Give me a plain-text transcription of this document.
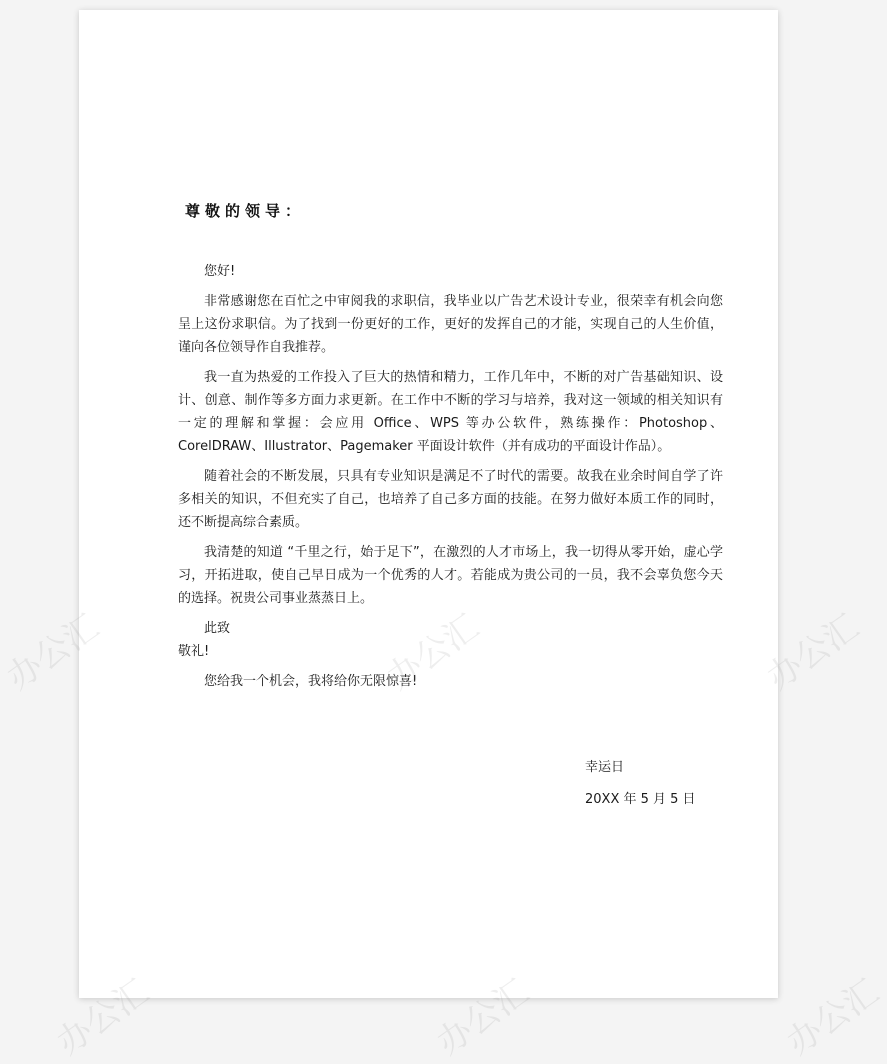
尊敬的领导：

您好!

非常感谢您在百忙之中审阅我的求职信，我毕业以广告艺术设计专业，很荣幸有机会向您呈上这份求职信。为了找到一份更好的工作，更好的发挥自己的才能，实现自己的人生价值，谨向各位领导作自我推荐。

我一直为热爱的工作投入了巨大的热情和精力，工作几年中，不断的对广告基础知识、设计、创意、制作等多方面力求更新。在工作中不断的学习与培养，我对这一领域的相关知识有一定的理解和掌握：会应用 Office、WPS 等办公软件，熟练操作：Photoshop、CorelDRAW、Illustrator、Pagemaker 平面设计软件（并有成功的平面设计作品）。

随着社会的不断发展，只具有专业知识是满足不了时代的需要。故我在业余时间自学了许多相关的知识，不但充实了自己，也培养了自己多方面的技能。在努力做好本质工作的同时，还不断提高综合素质。

我清楚的知道 “千里之行，始于足下”，在激烈的人才市场上，我一切得从零开始，虚心学习，开拓进取，使自己早日成为一个优秀的人才。若能成为贵公司的一员，我不会辜负您今天的选择。祝贵公司事业蒸蒸日上。

此致

敬礼!

您给我一个机会，我将给你无限惊喜!

幸运日
20XX 年 5 月 5 日
办公汇	办公汇
办公汇	办公汇	办公汇
